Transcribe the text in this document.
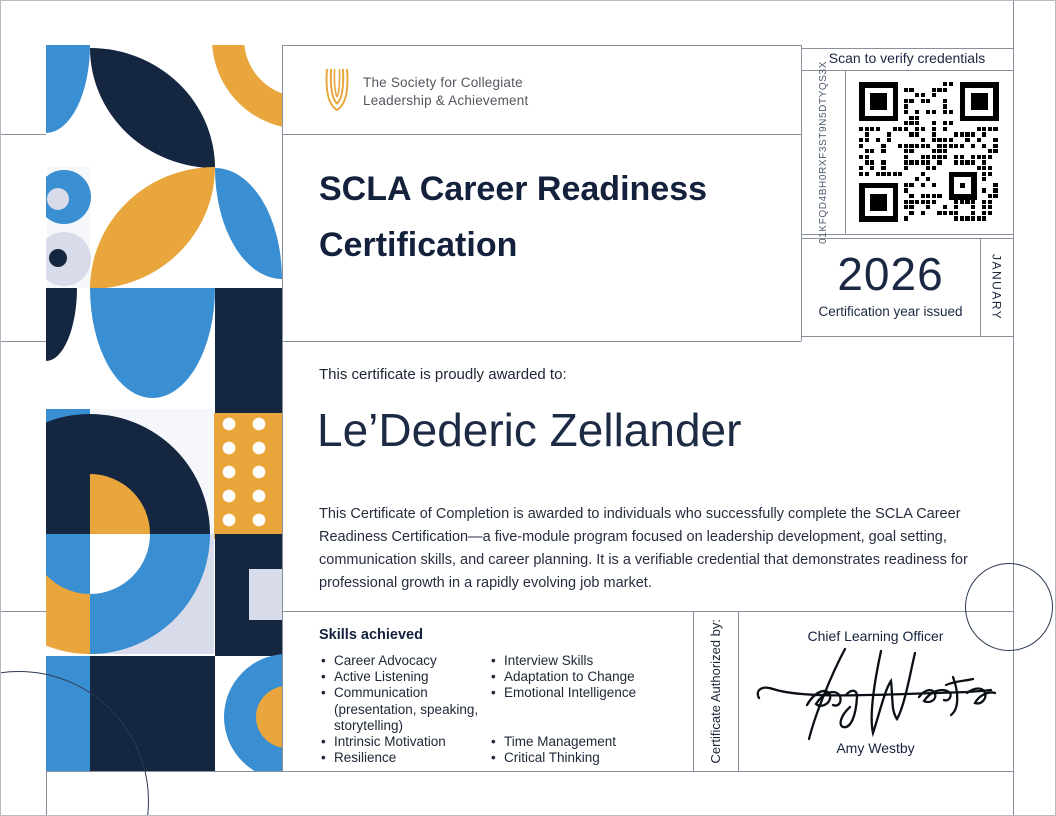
The Society for Collegiate
Leadership & Achievement
SCLA Career Readiness
Certification
Scan to verify credentials
01KFQD4BH0RXF3ST9N5DTYQS3X
2026
Certification year issued	JANUARY
This certificate is proudly awarded to:
Le’Dederic Zellander
This Certificate of Completion is awarded to individuals who successfully complete the SCLA Career Readiness Certification—a five-module program focused on leadership development, goal setting, communication skills, and career planning. It is a verifiable credential that demonstrates readiness for professional growth in a rapidly evolving job market.
Skills achieved
• Career Advocacy
• Active Listening
• Communication (presentation, speaking, storytelling)
• Intrinsic Motivation
• Resilience
• Interview Skills
• Adaptation to Change
• Emotional Intelligence
• Time Management
• Critical Thinking	Certificate Authorized by:	Chief Learning Officer
Amy Westby
